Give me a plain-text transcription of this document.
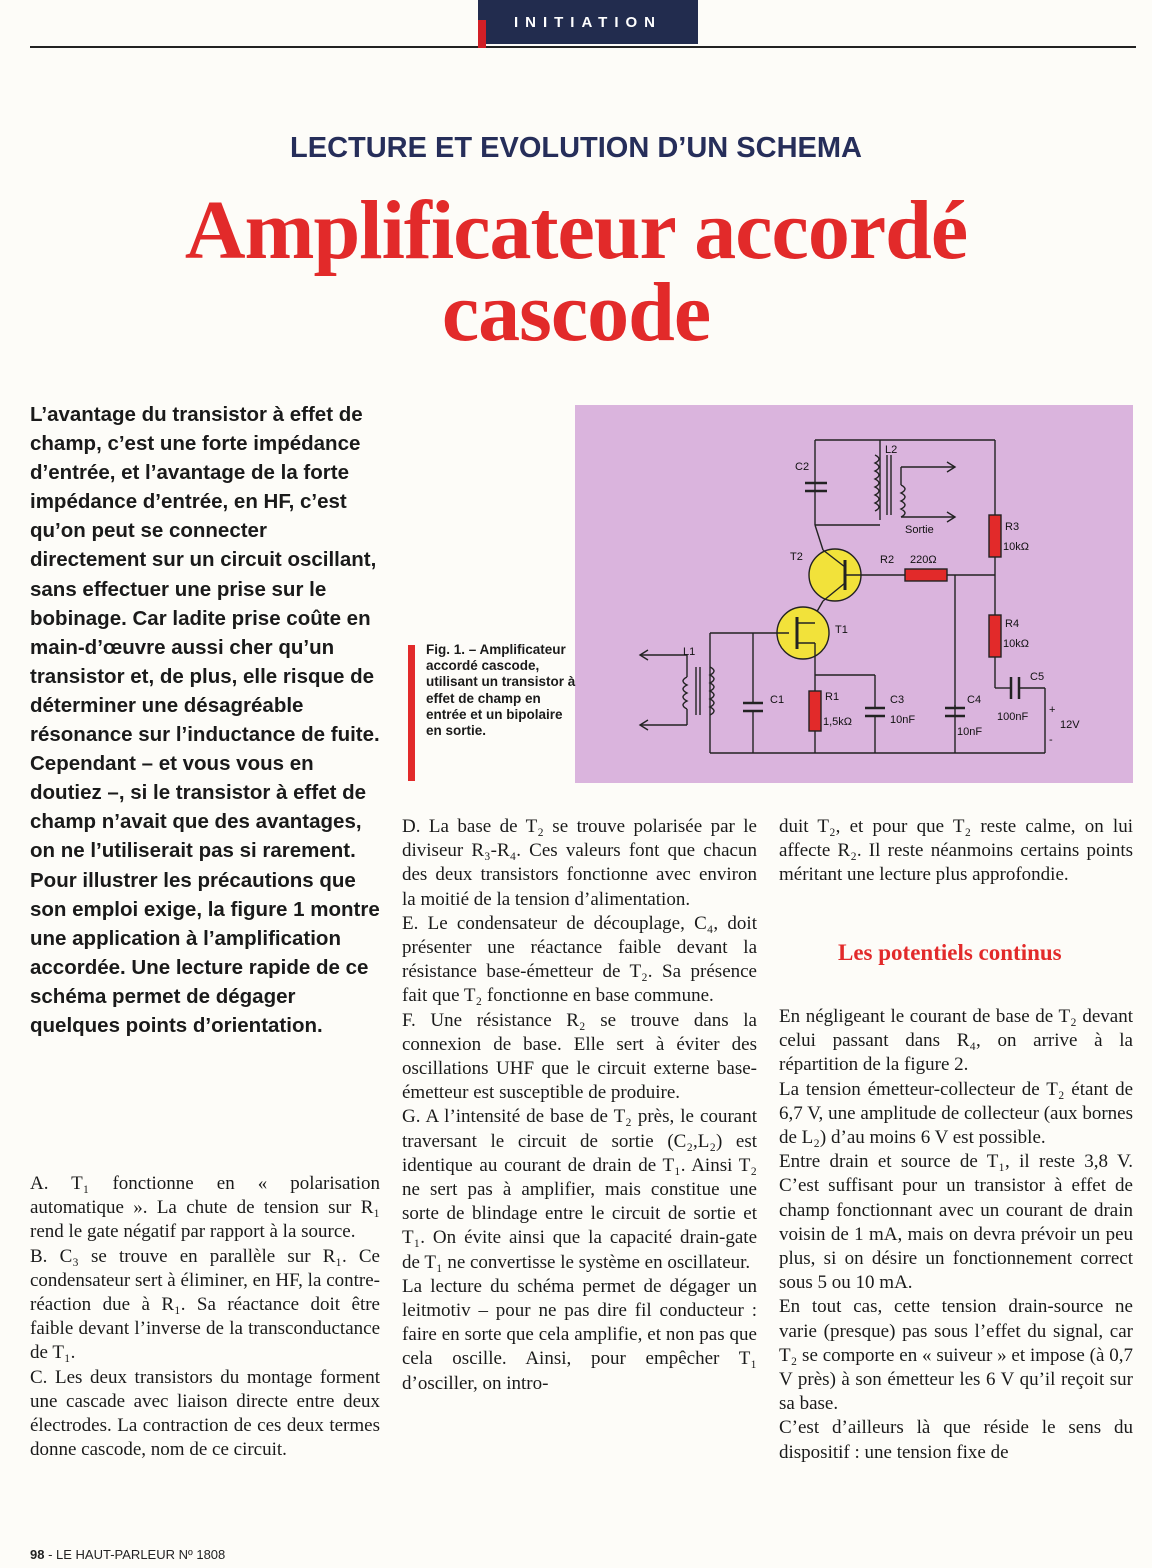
INITIATION
LECTURE ET EVOLUTION D’UN SCHEMA
Amplificateur accordé
cascode

L’avantage du transistor à effet de champ, c’est une forte impédance d’entrée, et l’avantage de la forte impédance d’entrée, en HF, c’est qu’on peut se connecter directement sur un circuit oscillant, sans effectuer une prise sur le bobinage. Car ladite prise coûte en main-d’œuvre aussi cher qu’un transistor et, de plus, elle risque de déterminer une désagréable résonance sur l’inductance de fuite.

Cependant – et vous vous en doutiez –, si le transistor à effet de champ n’avait que des avantages, on ne l’utiliserait pas si rarement. Pour illustrer les précautions que son emploi exige, la figure 1 montre une application à l’amplification accordée. Une lecture rapide de ce schéma permet de dégager quelques points d’orientation.

L2
C2
Sortie	R3
10kΩ
T2	R2 220Ω
T1	R4
10kΩ
L1
C1	R1
1,5kΩ
C3
10nF
C4
10nF
C5
100nF
+
12V
-
Fig. 1. – Amplificateur accordé cascode, utilisant un transistor à effet de champ en entrée et un bipolaire en sortie.

A. T₁ fonctionne en « polarisation automatique ». La chute de tension sur R₁ rend le gate négatif par rapport à la source.

B. C₃ se trouve en parallèle sur R₁. Ce condensateur sert à éliminer, en HF, la contre-réaction due à R₁. Sa réactance doit être faible devant l’inverse de la transconductance de T₁.

C. Les deux transistors du montage forment une cascade avec liaison directe entre deux électrodes. La contraction de ces deux termes donne cascode, nom de ce circuit.

D. La base de T₂ se trouve polarisée par le diviseur R₃-R₄. Ces valeurs font que chacun des deux transistors fonctionne avec environ la moitié de la tension d’alimentation.

E. Le condensateur de découplage, C₄, doit présenter une réactance faible devant la résistance base-émetteur de T₂. Sa présence fait que T₂ fonctionne en base commune.

F. Une résistance R₂ se trouve dans la connexion de base. Elle sert à éviter des oscillations UHF que le circuit externe base-émetteur est susceptible de produire.

G. A l’intensité de base de T₂ près, le courant traversant le circuit de sortie (C₂,L₂) est identique au courant de drain de T₁. Ainsi T₂ ne sert pas à amplifier, mais constitue une sorte de blindage entre le circuit de sortie et T₁. On évite ainsi que la capacité drain-gate de T₁ ne convertisse le système en oscillateur.

La lecture du schéma permet de dégager un leitmotiv – pour ne pas dire fil conducteur : faire en sorte que cela amplifie, et non pas que cela oscille. Ainsi, pour empêcher T₁ d’osciller, on intro-

duit T₂, et pour que T₂ reste calme, on lui affecte R₂. Il reste néanmoins certains points méritant une lecture plus approfondie.

Les potentiels continus

En négligeant le courant de base de T₂ devant celui passant dans R₄, on arrive à la répartition de la figure 2.

La tension émetteur-collecteur de T₂ étant de 6,7 V, une amplitude de collecteur (aux bornes de L₂) d’au moins 6 V est possible.

Entre drain et source de T₁, il reste 3,8 V. C’est suffisant pour un transistor à effet de champ fonctionnant avec un courant de drain voisin de 1 mA, mais on devra prévoir un peu plus, si on désire un fonctionnement correct sous 5 ou 10 mA.

En tout cas, cette tension drain-source ne varie (presque) pas sous l’effet du signal, car T₂ se comporte en « suiveur » et impose (à 0,7 V près) à son émetteur les 6 V qu’il reçoit sur sa base.

C’est d’ailleurs là que réside le sens du dispositif : une tension fixe de

98 - LE HAUT-PARLEUR Nº 1808
